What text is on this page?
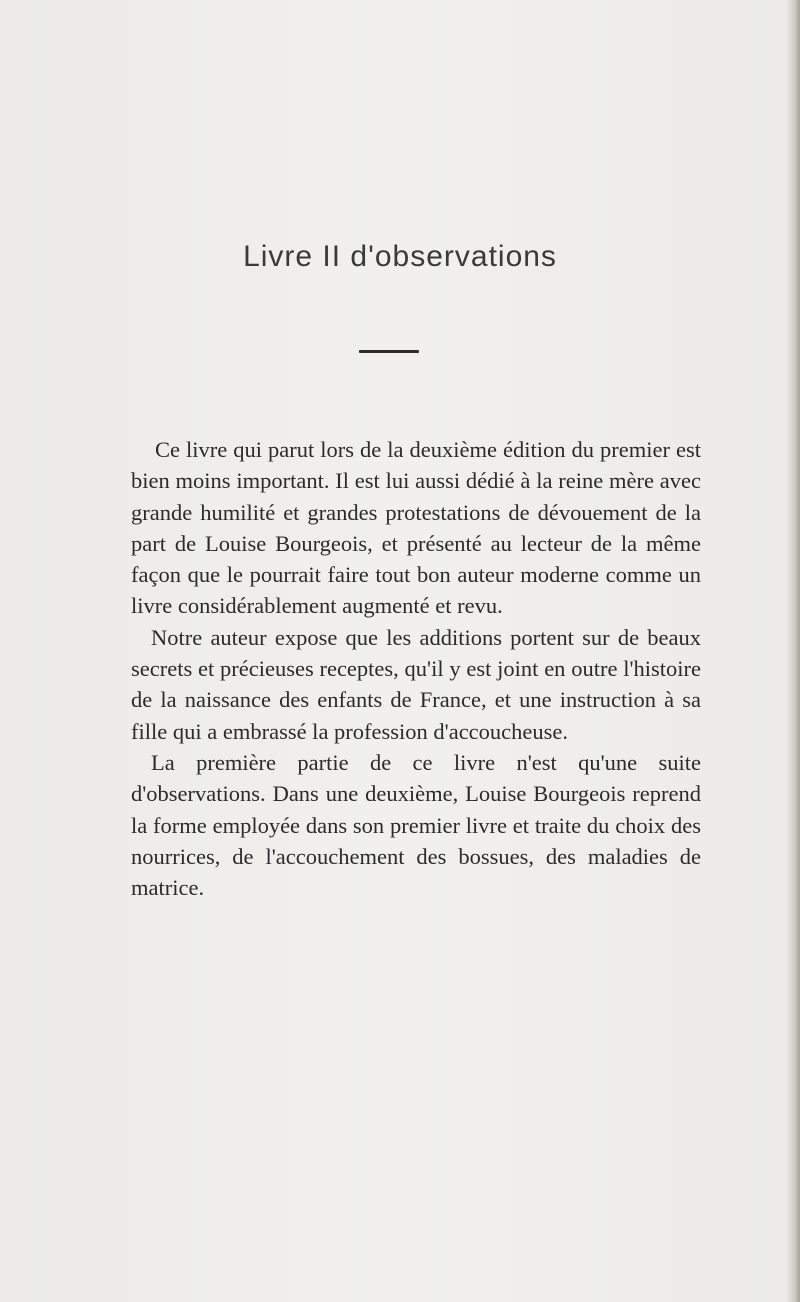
Livre II d'observations

Ce livre qui parut lors de la deuxième édition du premier est bien moins important. Il est lui aussi dédié à la reine mère avec grande humilité et grandes protestations de dévouement de la part de Louise Bourgeois, et présenté au lecteur de la même façon que le pourrait faire tout bon auteur moderne comme un livre considérablement augmenté et revu.

Notre auteur expose que les additions portent sur de beaux secrets et précieuses receptes, qu'il y est joint en outre l'histoire de la naissance des enfants de France, et une instruction à sa fille qui a embrassé la profession d'accoucheuse.

La première partie de ce livre n'est qu'une suite d'observations. Dans une deuxième, Louise Bourgeois reprend la forme employée dans son premier livre et traite du choix des nourrices, de l'accouchement des bossues, des maladies de matrice.
